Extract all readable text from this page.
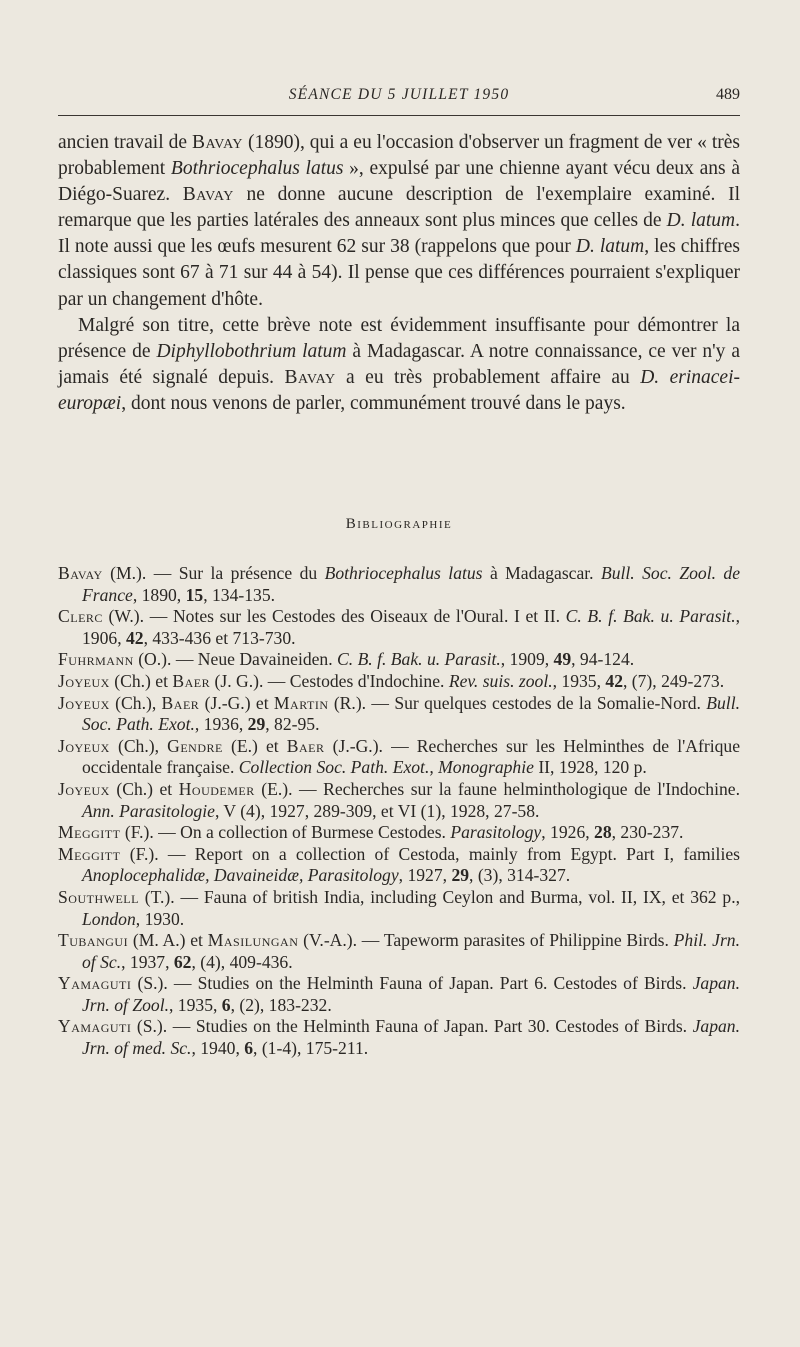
SÉANCE DU 5 JUILLET 1950	489

ancien travail de Bavay (1890), qui a eu l'occasion d'observer un fragment de ver « très probablement Bothriocephalus latus », expulsé par une chienne ayant vécu deux ans à Diégo-Suarez. Bavay ne donne aucune description de l'exemplaire examiné. Il remarque que les parties latérales des anneaux sont plus minces que celles de D. latum. Il note aussi que les œufs mesurent 62 sur 38 (rappelons que pour D. latum, les chiffres classiques sont 67 à 71 sur 44 à 54). Il pense que ces différences pourraient s'expliquer par un changement d'hôte.

Malgré son titre, cette brève note est évidemment insuffisante pour démontrer la présence de Diphyllobothrium latum à Madagascar. A notre connaissance, ce ver n'y a jamais été signalé depuis. Bavay a eu très probablement affaire au D. erinacei-europæi, dont nous venons de parler, communément trouvé dans le pays.

Bibliographie
Bavay (M.). — Sur la présence du Bothriocephalus latus à Madagascar. Bull. Soc. Zool. de France, 1890, 15, 134-135.
Clerc (W.). — Notes sur les Cestodes des Oiseaux de l'Oural. I et II. C. B. f. Bak. u. Parasit., 1906, 42, 433-436 et 713-730.
Fuhrmann (O.). — Neue Davaineiden. C. B. f. Bak. u. Parasit., 1909, 49, 94-124.
Joyeux (Ch.) et Baer (J. G.). — Cestodes d'Indochine. Rev. suis. zool., 1935, 42, (7), 249-273.
Joyeux (Ch.), Baer (J.-G.) et Martin (R.). — Sur quelques cestodes de la Somalie-Nord. Bull. Soc. Path. Exot., 1936, 29, 82-95.
Joyeux (Ch.), Gendre (E.) et Baer (J.-G.). — Recherches sur les Helminthes de l'Afrique occidentale française. Collection Soc. Path. Exot., Monographie II, 1928, 120 p.
Joyeux (Ch.) et Houdemer (E.). — Recherches sur la faune helminthologique de l'Indochine. Ann. Parasitologie, V (4), 1927, 289-309, et VI (1), 1928, 27-58.
Meggitt (F.). — On a collection of Burmese Cestodes. Parasitology, 1926, 28, 230-237.
Meggitt (F.). — Report on a collection of Cestoda, mainly from Egypt. Part I, families Anoplocephalidæ, Davaineidæ, Parasitology, 1927, 29, (3), 314-327.
Southwell (T.). — Fauna of british India, including Ceylon and Burma, vol. II, IX, et 362 p., London, 1930.
Tubangui (M. A.) et Masilungan (V.-A.). — Tapeworm parasites of Philippine Birds. Phil. Jrn. of Sc., 1937, 62, (4), 409-436.
Yamaguti (S.). — Studies on the Helminth Fauna of Japan. Part 6. Cestodes of Birds. Japan. Jrn. of Zool., 1935, 6, (2), 183-232.
Yamaguti (S.). — Studies on the Helminth Fauna of Japan. Part 30. Cestodes of Birds. Japan. Jrn. of med. Sc., 1940, 6, (1-4), 175-211.
